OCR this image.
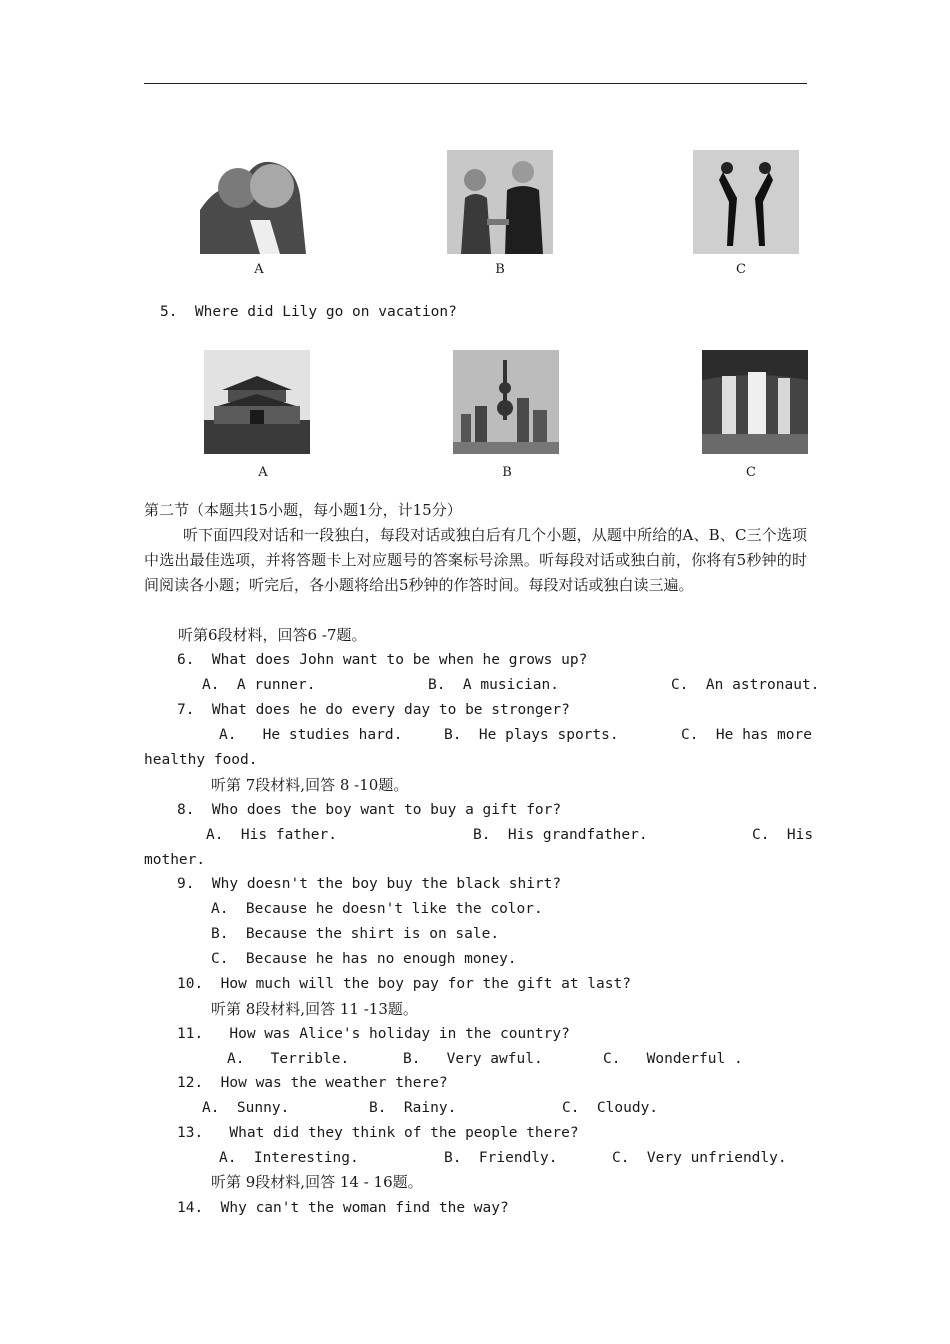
A	B	C
5.  Where did Lily go on vacation?
A	B	C
第二节（本题共15小题，每小题1分，计15分）
听下面四段对话和一段独白，每段对话或独白后有几个小题，从题中所给的A、B、C三个选项中选出最佳选项，并将答题卡上对应题号的答案标号涂黑。听每段对话或独白前，你将有5秒钟的时间阅读各小题；听完后，各小题将给出5秒钟的作答时间。每段对话或独白读三遍。
听第6段材料，回答6 -7题。
6.  What does John want to be when he grows up?
A.  A runner.	B.  A musician.	C.  An astronaut.
7.  What does he do every day to be stronger?
A.   He studies hard.	B.  He plays sports.	C.  He has more
healthy food.
听第 7段材料,回答 8 -10题。
8.  Who does the boy want to buy a gift for?
A.  His father.	B.  His grandfather.	C.  His
mother.
9.  Why doesn't the boy buy the black shirt?
A.  Because he doesn't like the color.
B.  Because the shirt is on sale.
C.  Because he has no enough money.
10.  How much will the boy pay for the gift at last?
听第 8段材料,回答 11 -13题。
11.   How was Alice's holiday in the country?
A.   Terrible.	B.   Very awful.	C.   Wonderful .
12.  How was the weather there?
A.  Sunny.	B.  Rainy.	C.  Cloudy.
13.   What did they think of the people there?
A.  Interesting.	B.  Friendly.	C.  Very unfriendly.
听第 9段材料,回答 14 - 16题。
14.  Why can't the woman find the way?
